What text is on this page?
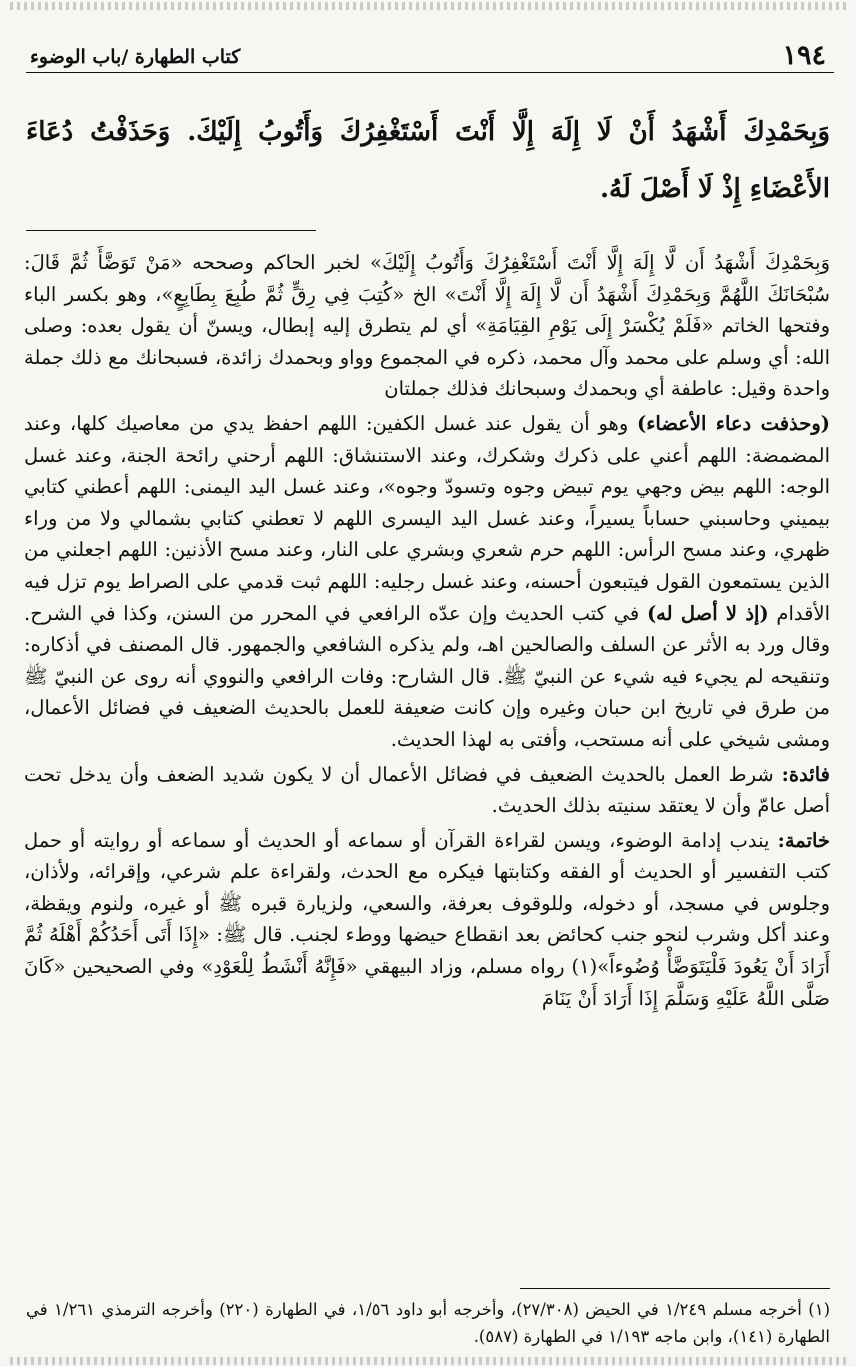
١٩٤
كتاب الطهارة /باب الوضوء
وَبِحَمْدِكَ أَشْهَدُ أَنْ لَا إِلَهَ إِلَّا أَنْتَ أَسْتَغْفِرُكَ وَأَتُوبُ إِلَيْكَ. وَحَذَفْتُ دُعَاءَ الأَعْضَاءِ إِذْ لَا أَصْلَ لَهُ.

وَبِحَمْدِكَ أَشْهَدُ أَن لَّا إِلَهَ إِلَّا أَنْتَ أَسْتَغْفِرُكَ وَأَتُوبُ إِلَيْكَ» لخبر الحاكم وصححه «مَنْ تَوَضَّأَ ثُمَّ قَالَ: سُبْحَانَكَ اللَّهُمَّ وَبِحَمْدِكَ أَشْهَدُ أَن لَّا إِلَهَ إِلَّا أَنْتَ» الخ «كُتِبَ فِي رِقٍّ ثُمَّ طُبِعَ بِطَابِعٍ»، وهو بكسر الباء وفتحها الخاتم «فَلَمْ يُكْسَرْ إِلَى يَوْمِ القِيَامَةِ» أي لم يتطرق إليه إبطال، ويسنّ أن يقول بعده: وصلى الله: أي وسلم على محمد وآل محمد، ذكره في المجموع وواو وبحمدك زائدة، فسبحانك مع ذلك جملة واحدة وقيل: عاطفة أي وبحمدك وسبحانك فذلك جملتان

(وحذفت دعاء الأعضاء) وهو أن يقول عند غسل الكفين: اللهم احفظ يدي من معاصيك كلها، وعند المضمضة: اللهم أعني على ذكرك وشكرك، وعند الاستنشاق: اللهم أرحني رائحة الجنة، وعند غسل الوجه: اللهم بيض وجهي يوم تبيض وجوه وتسودّ وجوه»، وعند غسل اليد اليمنى: اللهم أعطني كتابي بيميني وحاسبني حساباً يسيراً، وعند غسل اليد اليسرى اللهم لا تعطني كتابي بشمالي ولا من وراء ظهري، وعند مسح الرأس: اللهم حرم شعري وبشري على النار، وعند مسح الأذنين: اللهم اجعلني من الذين يستمعون القول فيتبعون أحسنه، وعند غسل رجليه: اللهم ثبت قدمي على الصراط يوم تزل فيه الأقدام (إذ لا أصل له) في كتب الحديث وإن عدّه الرافعي في المحرر من السنن، وكذا في الشرح. وقال ورد به الأثر عن السلف والصالحين اهـ، ولم يذكره الشافعي والجمهور. قال المصنف في أذكاره: وتنقيحه لم يجيء فيه شيء عن النبيّ ﷺ. قال الشارح: وفات الرافعي والنووي أنه روى عن النبيّ ﷺ من طرق في تاريخ ابن حبان وغيره وإن كانت ضعيفة للعمل بالحديث الضعيف في فضائل الأعمال، ومشى شيخي على أنه مستحب، وأفتى به لهذا الحديث.

فائدة: شرط العمل بالحديث الضعيف في فضائل الأعمال أن لا يكون شديد الضعف وأن يدخل تحت أصل عامّ وأن لا يعتقد سنيته بذلك الحديث.

خاتمة: يندب إدامة الوضوء، ويسن لقراءة القرآن أو سماعه أو الحديث أو سماعه أو روايته أو حمل كتب التفسير أو الحديث أو الفقه وكتابتها فيكره مع الحدث، ولقراءة علم شرعي، وإقرائه، ولأذان، وجلوس في مسجد، أو دخوله، وللوقوف بعرفة، والسعي، ولزيارة قبره ﷺ أو غيره، ولنوم ويقظة، وعند أكل وشرب لنحو جنب كحائض بعد انقطاع حيضها ووطء لجنب. قال ﷺ: «إِذَا أَتَى أَحَدُكُمْ أَهْلَهُ ثُمَّ أَرَادَ أَنْ يَعُودَ فَلْيَتَوَضَّأْ وُضُوءاً»(١) رواه مسلم، وزاد البيهقي «فَإِنَّهُ أَنْشَطُ لِلْعَوْدِ» وفي الصحيحين «كَانَ صَلَّى اللَّهُ عَلَيْهِ وَسَلَّمَ إِذَا أَرَادَ أَنْ يَنَامَ

(١) أخرجه مسلم ١/٢٤٩ في الحيض (٢٧/٣٠٨)، وأخرجه أبو داود ١/٥٦، في الطهارة (٢٢٠) وأخرجه الترمذي ١/٢٦١ في الطهارة (١٤١)، وابن ماجه ١/١٩٣ في الطهارة (٥٨٧).
